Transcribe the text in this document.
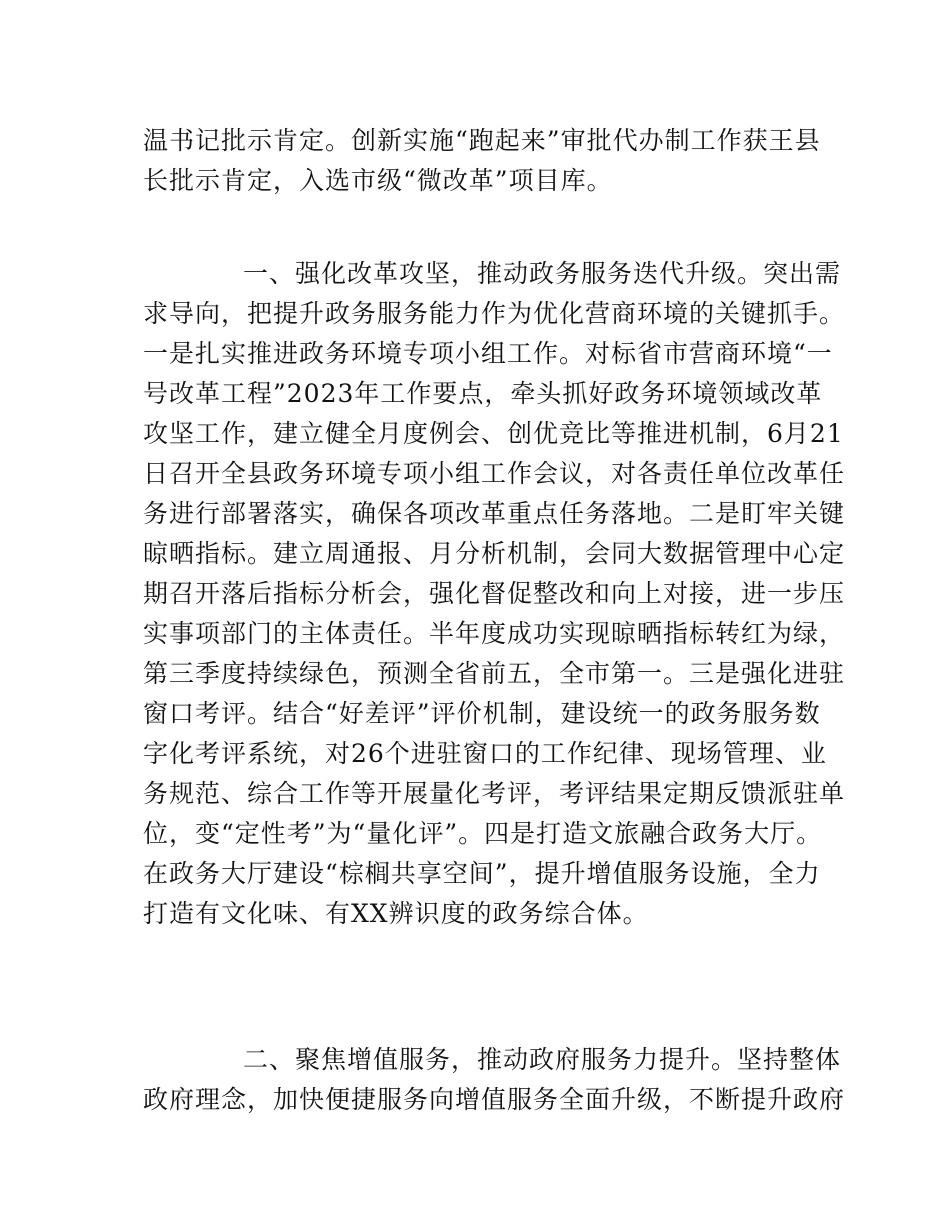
温书记批示肯定。创新实施“跑起来”审批代办制工作获王县

长批示肯定，入选市级“微改革”项目库。

一、强化改革攻坚，推动政务服务迭代升级。突出需

求导向，把提升政务服务能力作为优化营商环境的关键抓手。

一是扎实推进政务环境专项小组工作。对标省市营商环境“一

号改革工程”2023年工作要点，牵头抓好政务环境领域改革

攻坚工作，建立健全月度例会、创优竞比等推进机制，6月21

日召开全县政务环境专项小组工作会议，对各责任单位改革任

务进行部署落实，确保各项改革重点任务落地。二是盯牢关键

晾晒指标。建立周通报、月分析机制，会同大数据管理中心定

期召开落后指标分析会，强化督促整改和向上对接，进一步压

实事项部门的主体责任。半年度成功实现晾晒指标转红为绿，

第三季度持续绿色，预测全省前五，全市第一。三是强化进驻

窗口考评。结合“好差评”评价机制，建设统一的政务服务数

字化考评系统，对26个进驻窗口的工作纪律、现场管理、业

务规范、综合工作等开展量化考评，考评结果定期反馈派驻单

位，变“定性考”为“量化评”。四是打造文旅融合政务大厅。

在政务大厅建设“棕榈共享空间”，提升增值服务设施，全力

打造有文化味、有XX辨识度的政务综合体。

二、聚焦增值服务，推动政府服务力提升。坚持整体

政府理念，加快便捷服务向增值服务全面升级，不断提升政府
